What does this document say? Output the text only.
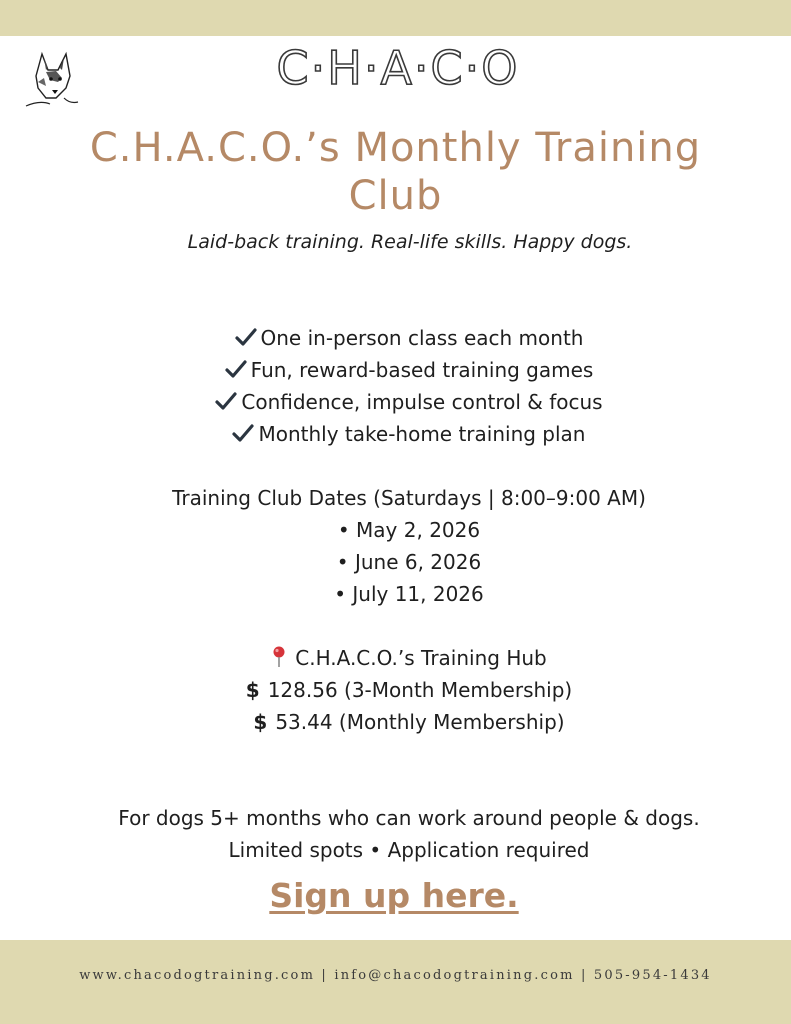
C·H·A·C·O
C.H.A.C.O.’s Monthly Training Club
Laid-back training. Real-life skills. Happy dogs.
One in-person class each month
Fun, reward-based training games
Confidence, impulse control & focus
Monthly take-home training plan
Training Club Dates (Saturdays | 8:00–9:00 AM)
• May 2, 2026
• June 6, 2026
• July 11, 2026
C.H.A.C.O.’s Training Hub
$ 128.56 (3-Month Membership)
$ 53.44 (Monthly Membership)
For dogs 5+ months who can work around people & dogs.
Limited spots • Application required
Sign up here.
www.chacodogtraining.com | info@chacodogtraining.com | 505-954-1434
